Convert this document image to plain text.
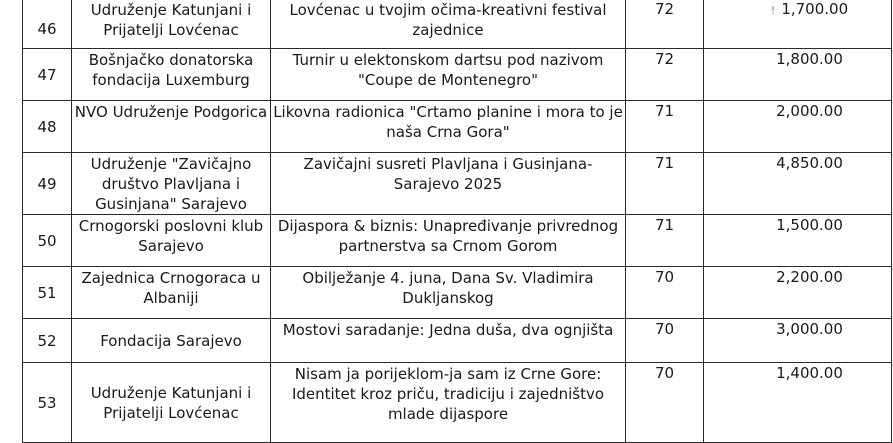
46	Udruženje Katunjani i Prijatelji Lovćenac	Lovćenac u tvojim očima-kreativni festival zajednice	72	! 1,700.00
47	Bošnjačko donatorska fondacija Luxemburg	Turnir u elektonskom dartsu pod nazivom "Coupe de Montenegro"	72	1,800.00
48	NVO Udruženje Podgorica	Likovna radionica "Crtamo planine i mora to je naša Crna Gora"	71	2,000.00
49	Udruženje "Zavičajno društvo Plavljana i Gusinjana" Sarajevo	Zavičajni susreti Plavljana i Gusinjana-Sarajevo 2025	71	4,850.00
50	Crnogorski poslovni klub Sarajevo	Dijaspora & biznis: Unapređivanje privrednog partnerstva sa Crnom Gorom	71	1,500.00
51	Zajednica Crnogoraca u Albaniji	Obilježanje 4. juna, Dana Sv. Vladimira Dukljanskog	70	2,200.00
52	Fondacija Sarajevo	Mostovi saradanje: Jedna duša, dva ognjišta	70	3,000.00
53	Udruženje Katunjani i Prijatelji Lovćenac	Nisam ja porijeklom-ja sam iz Crne Gore: Identitet kroz priču, tradiciju i zajedništvo mlade dijaspore	70	1,400.00
